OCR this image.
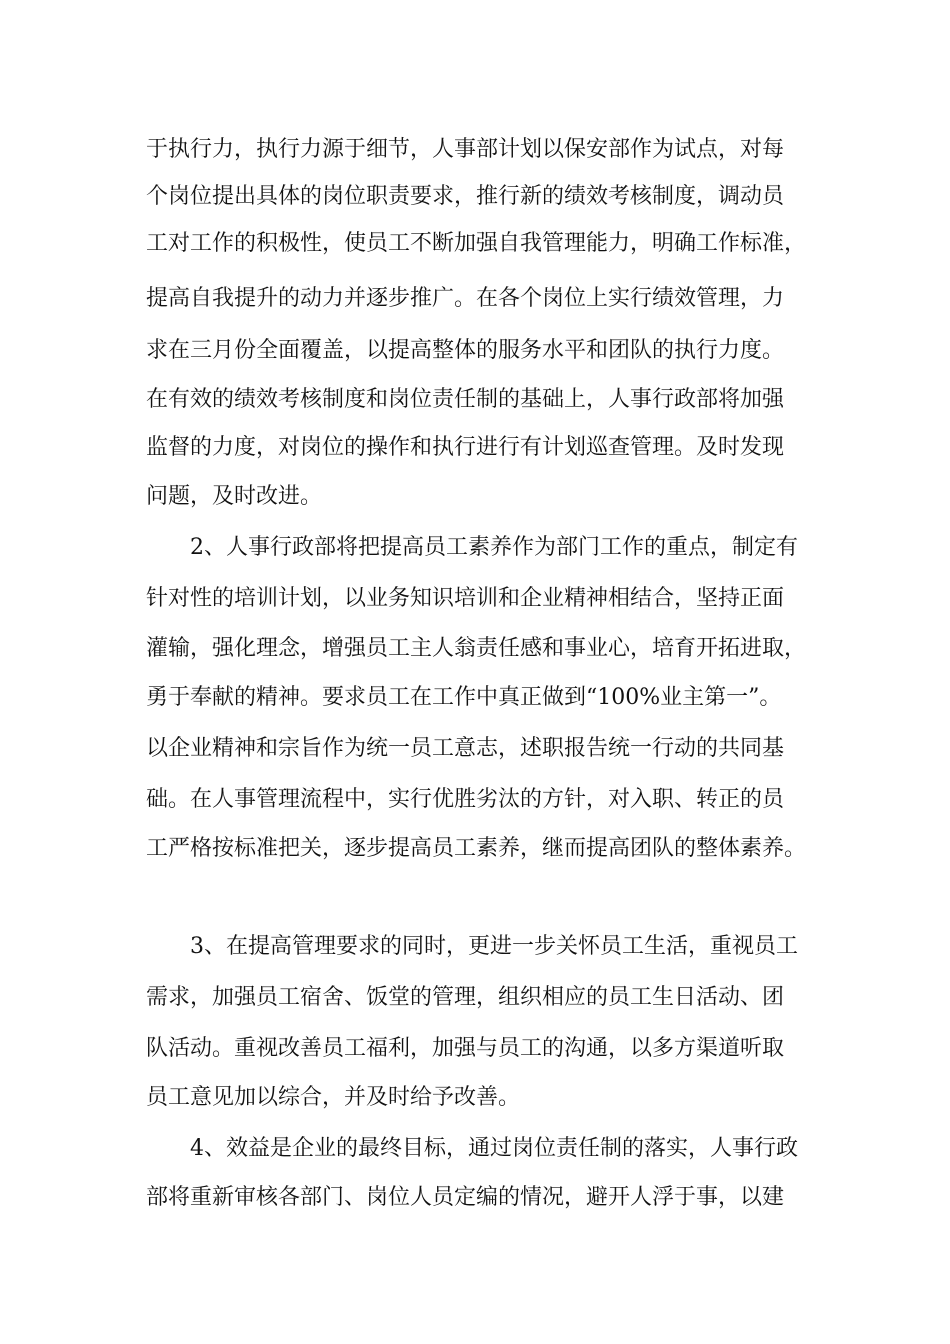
于执行力，执行力源于细节，人事部计划以保安部作为试点，对每
个岗位提出具体的岗位职责要求，推行新的绩效考核制度，调动员
工对工作的积极性，使员工不断加强自我管理能力，明确工作标准，
提高自我提升的动力并逐步推广。在各个岗位上实行绩效管理，力
求在三月份全面覆盖，以提高整体的服务水平和团队的执行力度。
在有效的绩效考核制度和岗位责任制的基础上，人事行政部将加强
监督的力度，对岗位的操作和执行进行有计划巡查管理。及时发现
问题，及时改进。
2、人事行政部将把提高员工素养作为部门工作的重点，制定有
针对性的培训计划，以业务知识培训和企业精神相结合，坚持正面
灌输，强化理念，增强员工主人翁责任感和事业心，培育开拓进取，
勇于奉献的精神。要求员工在工作中真正做到“100%业主第一”。
以企业精神和宗旨作为统一员工意志，述职报告统一行动的共同基
础。在人事管理流程中，实行优胜劣汰的方针，对入职、转正的员
工严格按标准把关，逐步提高员工素养，继而提高团队的整体素养。
3、在提高管理要求的同时，更进一步关怀员工生活，重视员工
需求，加强员工宿舍、饭堂的管理，组织相应的员工生日活动、团
队活动。重视改善员工福利，加强与员工的沟通，以多方渠道听取
员工意见加以综合，并及时给予改善。
4、效益是企业的最终目标，通过岗位责任制的落实，人事行政
部将重新审核各部门、岗位人员定编的情况，避开人浮于事，以建
